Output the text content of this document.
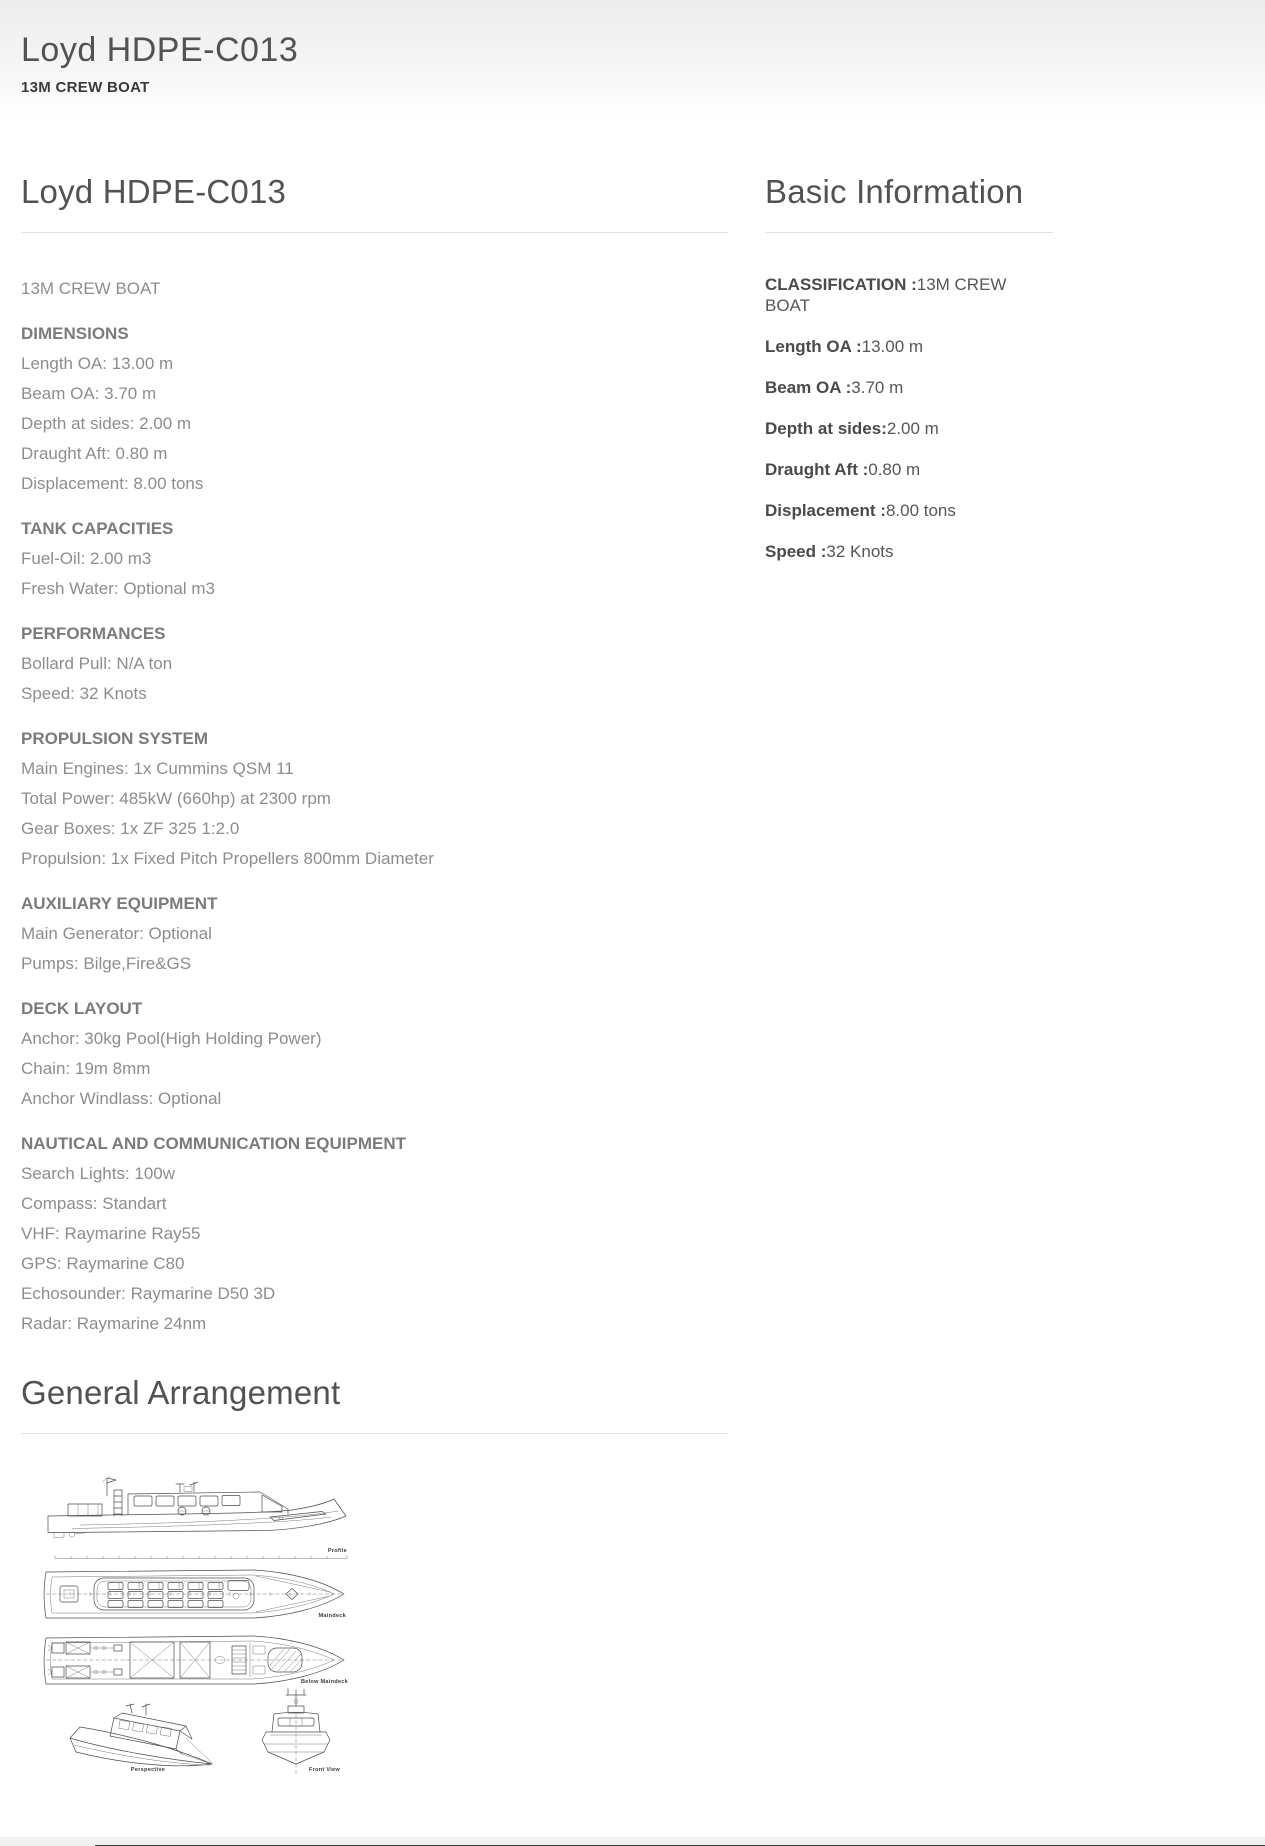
Loyd HDPE-C013
13M CREW BOAT
Loyd HDPE-C013

13M CREW BOAT

DIMENSIONS

Length OA: 13.00 m

Beam OA: 3.70 m

Depth at sides: 2.00 m

Draught Aft: 0.80 m

Displacement: 8.00 tons

TANK CAPACITIES

Fuel-Oil: 2.00 m3

Fresh Water: Optional m3

PERFORMANCES

Bollard Pull: N/A ton

Speed: 32 Knots

PROPULSION SYSTEM

Main Engines: 1x Cummins QSM 11

Total Power: 485kW (660hp) at 2300 rpm

Gear Boxes: 1x ZF 325 1:2.0

Propulsion: 1x Fixed Pitch Propellers 800mm Diameter

AUXILIARY EQUIPMENT

Main Generator: Optional

Pumps: Bilge,Fire&GS

DECK LAYOUT

Anchor: 30kg Pool(High Holding Power)

Chain: 19m 8mm

Anchor Windlass: Optional

NAUTICAL AND COMMUNICATION EQUIPMENT

Search Lights: 100w

Compass: Standart

VHF: Raymarine Ray55

GPS: Raymarine C80

Echosounder: Raymarine D50 3D

Radar: Raymarine 24nm

General Arrangement
Profile
Maindeck
Below Maindeck
Perspective	Front View
Basic Information

CLASSIFICATION :13M CREW BOAT

Length OA :13.00 m

Beam OA :3.70 m

Depth at sides:2.00 m

Draught Aft :0.80 m

Displacement :8.00 tons

Speed :32 Knots
